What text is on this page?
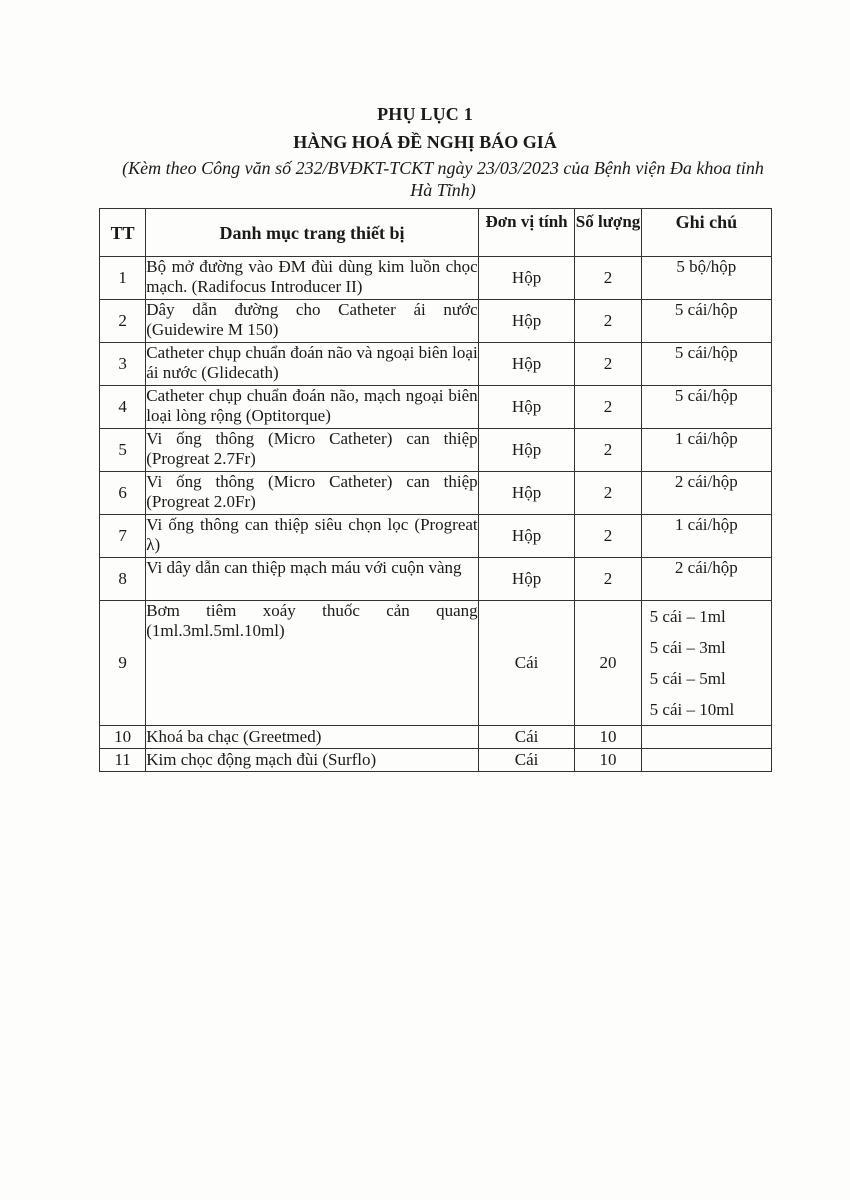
PHỤ LỤC 1
HÀNG HOÁ ĐỀ NGHỊ BÁO GIÁ
(Kèm theo Công văn số 232/BVĐKT-TCKT ngày 23/03/2023 của Bệnh viện Đa khoa tỉnh Hà Tĩnh)
TT	Danh mục trang thiết bị	Đơn vị tính	Số lượng	Ghi chú
1	Bộ mở đường vào ĐM đùi dùng kim luồn chọc mạch. (Radifocus Introducer II)	Hộp	2	5 bộ/hộp
2	Dây dẫn đường cho Catheter ái nước (Guidewire M 150)	Hộp	2	5 cái/hộp
3	Catheter chụp chuẩn đoán não và ngoại biên loại ái nước (Glidecath)	Hộp	2	5 cái/hộp
4	Catheter chụp chuẩn đoán não, mạch ngoại biên loại lòng rộng (Optitorque)	Hộp	2	5 cái/hộp
5	Vi ống thông (Micro Catheter) can thiệp (Progreat 2.7Fr)	Hộp	2	1 cái/hộp
6	Vi ống thông (Micro Catheter) can thiệp (Progreat 2.0Fr)	Hộp	2	2 cái/hộp
7	Vi ống thông can thiệp siêu chọn lọc (Progreat λ)	Hộp	2	1 cái/hộp
8	Vi dây dẫn can thiệp mạch máu với cuộn vàng	Hộp	2	2 cái/hộp
9	Bơm tiêm xoáy thuốc cản quang (1ml.3ml.5ml.10ml)	Cái	20	5 cái – 1ml
5 cái – 3ml
5 cái – 5ml
5 cái – 10ml

10	Khoá ba chạc (Greetmed)	Cái	10	
11	Kim chọc động mạch đùi (Surflo)	Cái	10	
